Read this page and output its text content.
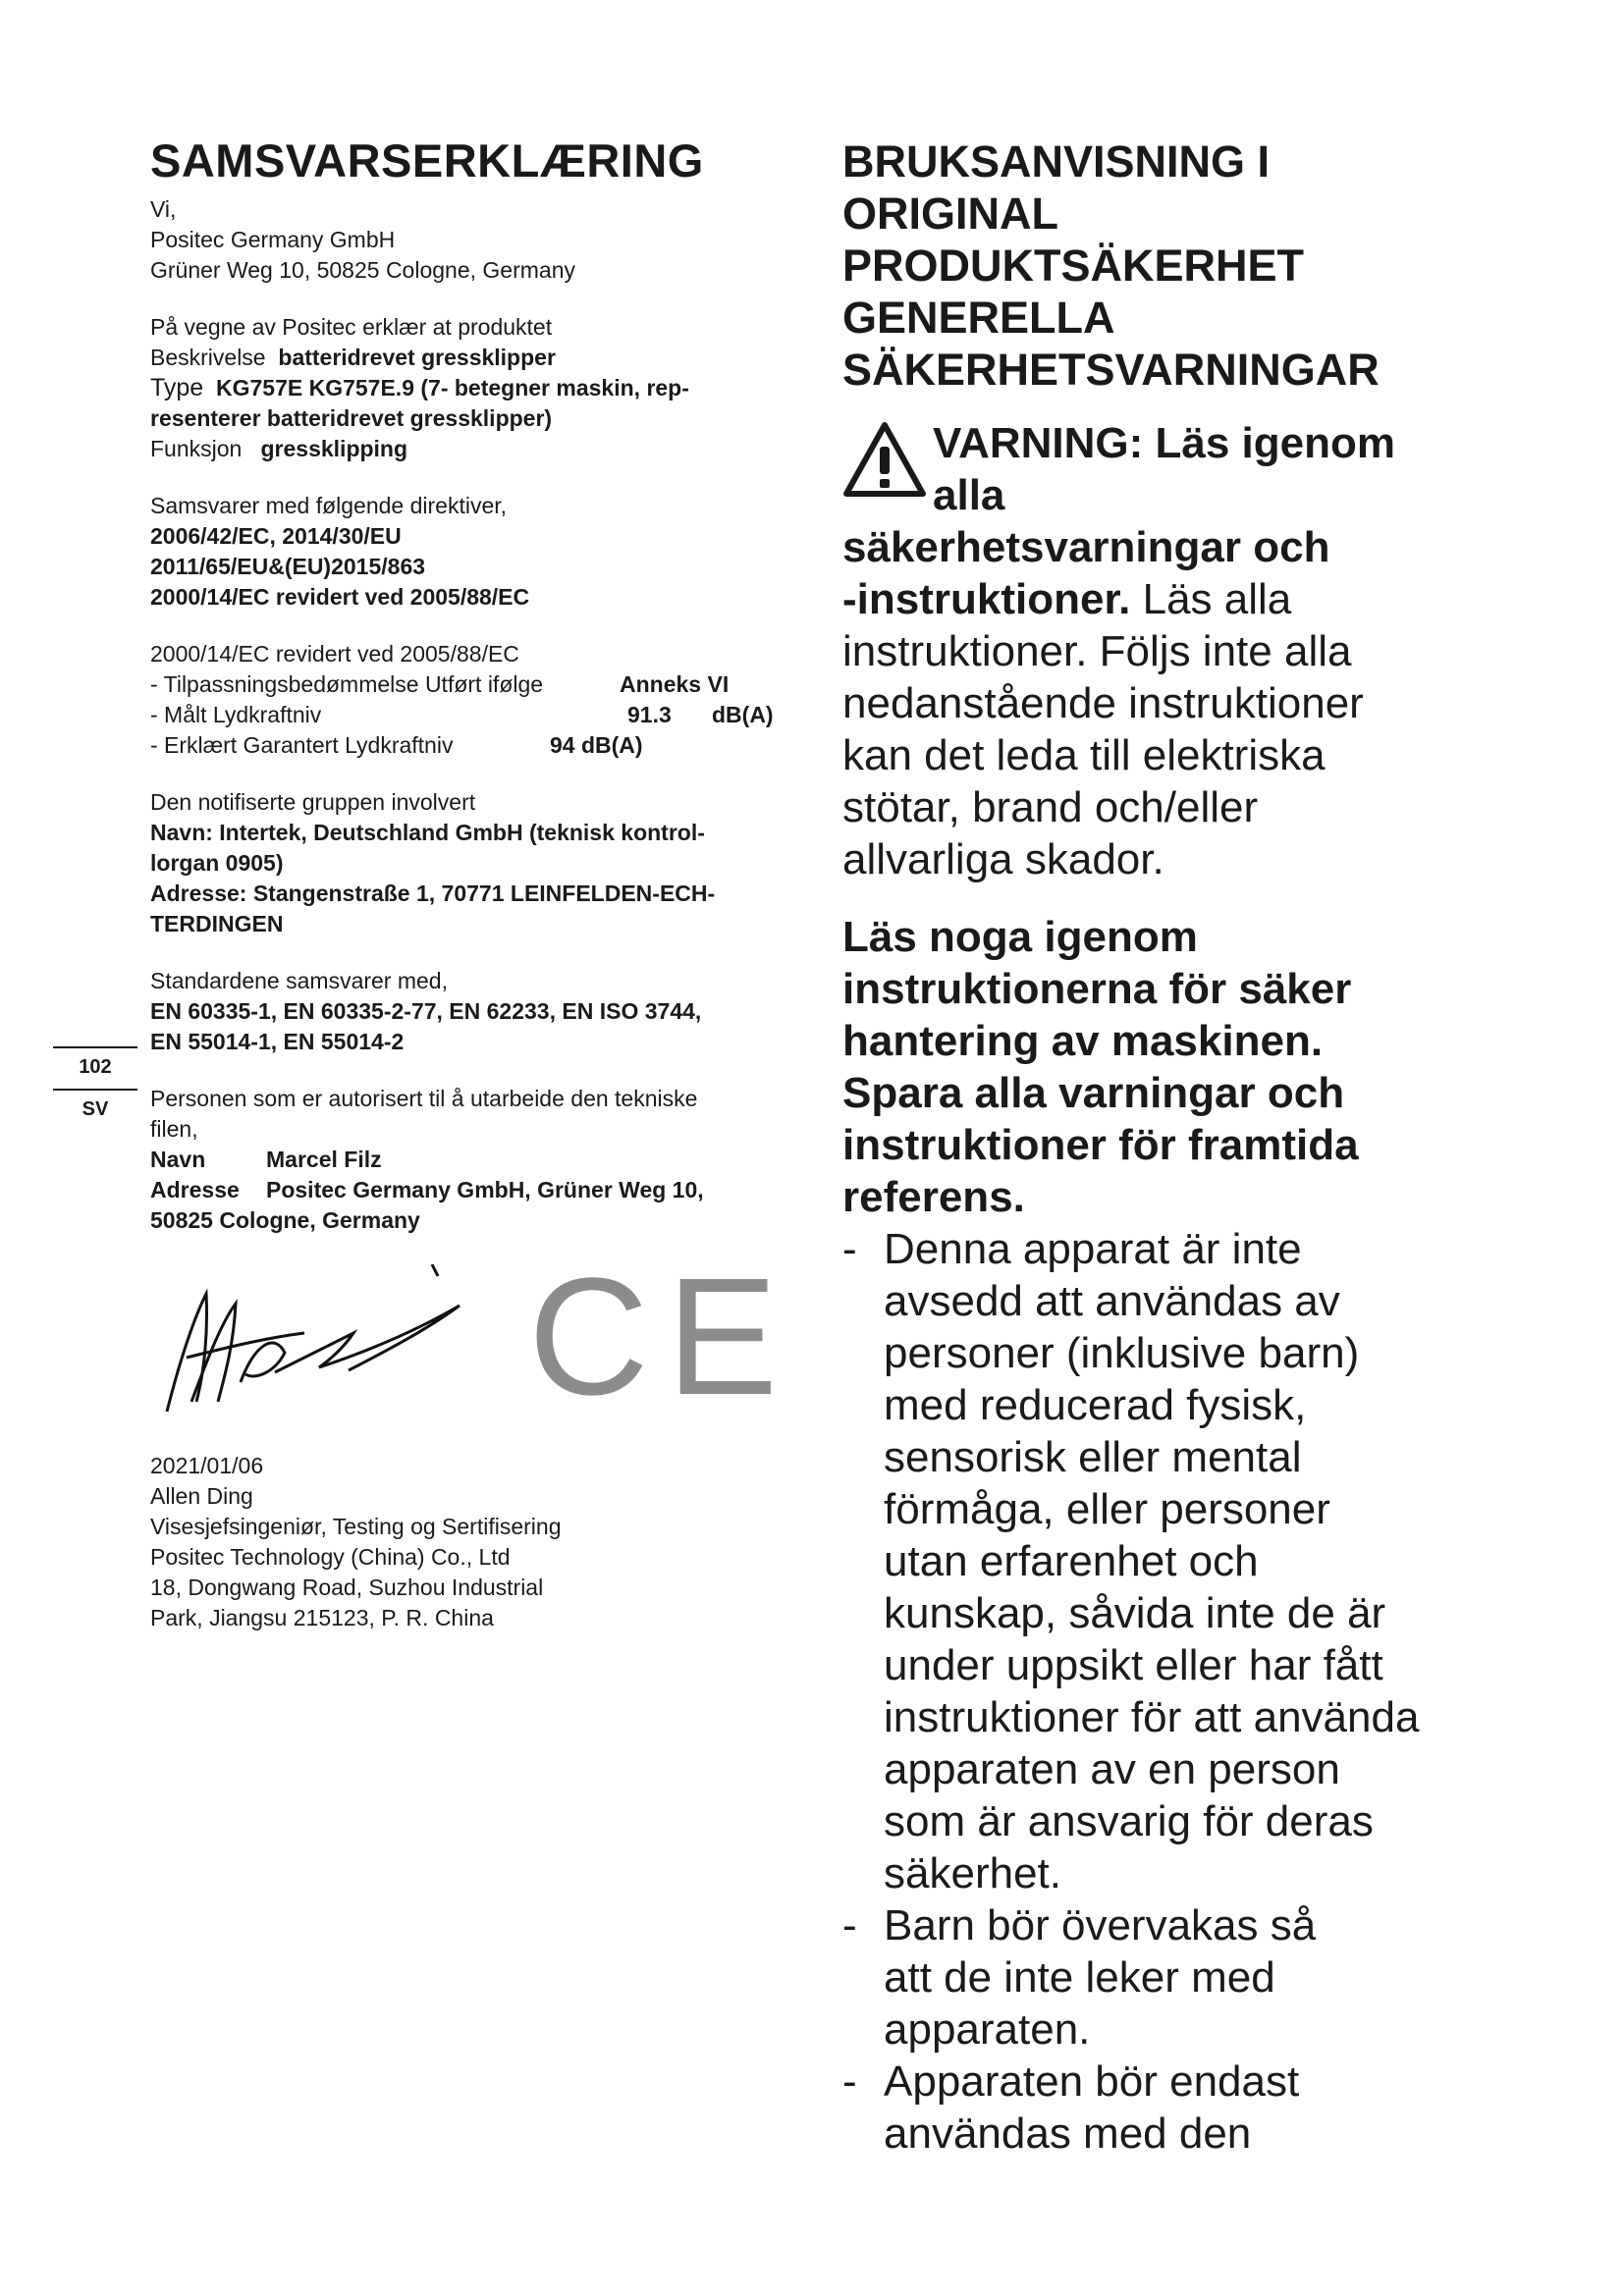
SAMSVARSERKLÆRING
Vi,
Positec Germany GmbH
Grüner Weg 10, 50825 Cologne, Germany
På vegne av Positec erklær at produktet
Beskrivelse batteridrevet gressklipper
Type KG757E KG757E.9 (7- betegner maskin, rep-
resenterer batteridrevet gressklipper)
Funksjon gressklipping
Samsvarer med følgende direktiver,
2006/42/EC, 2014/30/EU
2011/65/EU&(EU)2015/863
2000/14/EC revidert ved 2005/88/EC
2000/14/EC revidert ved 2005/88/EC
- Tilpassningsbedømmelse Utført ifølge	Anneks VI
- Målt Lydkraftniv	91.3 dB(A)
- Erklært Garantert Lydkraftniv	94 dB(A)
Den notifiserte gruppen involvert
Navn: Intertek, Deutschland GmbH (teknisk kontrol-
lorgan 0905)
Adresse: Stangenstraße 1, 70771 LEINFELDEN-ECH-
TERDINGEN
Standardene samsvarer med,
EN 60335-1, EN 60335-2-77, EN 62233, EN ISO 3744,
EN 55014-1, EN 55014-2
Personen som er autorisert til å utarbeide den tekniske
filen,
Navn	Marcel Filz
Adresse Positec Germany GmbH, Grüner Weg 10,
50825 Cologne, Germany
CE
2021/01/06
Allen Ding
Visesjefsingeniør, Testing og Sertifisering
Positec Technology (China) Co., Ltd
18, Dongwang Road, Suzhou Industrial
Park, Jiangsu 215123, P. R. China
102
SV
BRUKSANVISNING I
ORIGINAL
PRODUKTSÄKERHET
GENERELLA
SÄKERHETSVARNINGAR
VARNING: Läs igenom
alla
säkerhetsvarningar och
-instruktioner. Läs alla
instruktioner. Följs inte alla
nedanstående instruktioner
kan det leda till elektriska
stötar, brand och/eller
allvarliga skador.
Läs noga igenom
instruktionerna för säker
hantering av maskinen.
Spara alla varningar och
instruktioner för framtida
referens.
- Denna apparat är inte
avsedd att användas av
personer (inklusive barn)
med reducerad fysisk,
sensorisk eller mental
förmåga, eller personer
utan erfarenhet och
kunskap, såvida inte de är
under uppsikt eller har fått
instruktioner för att använda
apparaten av en person
som är ansvarig för deras
säkerhet.
- Barn bör övervakas så
att de inte leker med
apparaten.
- Apparaten bör endast
användas med den
